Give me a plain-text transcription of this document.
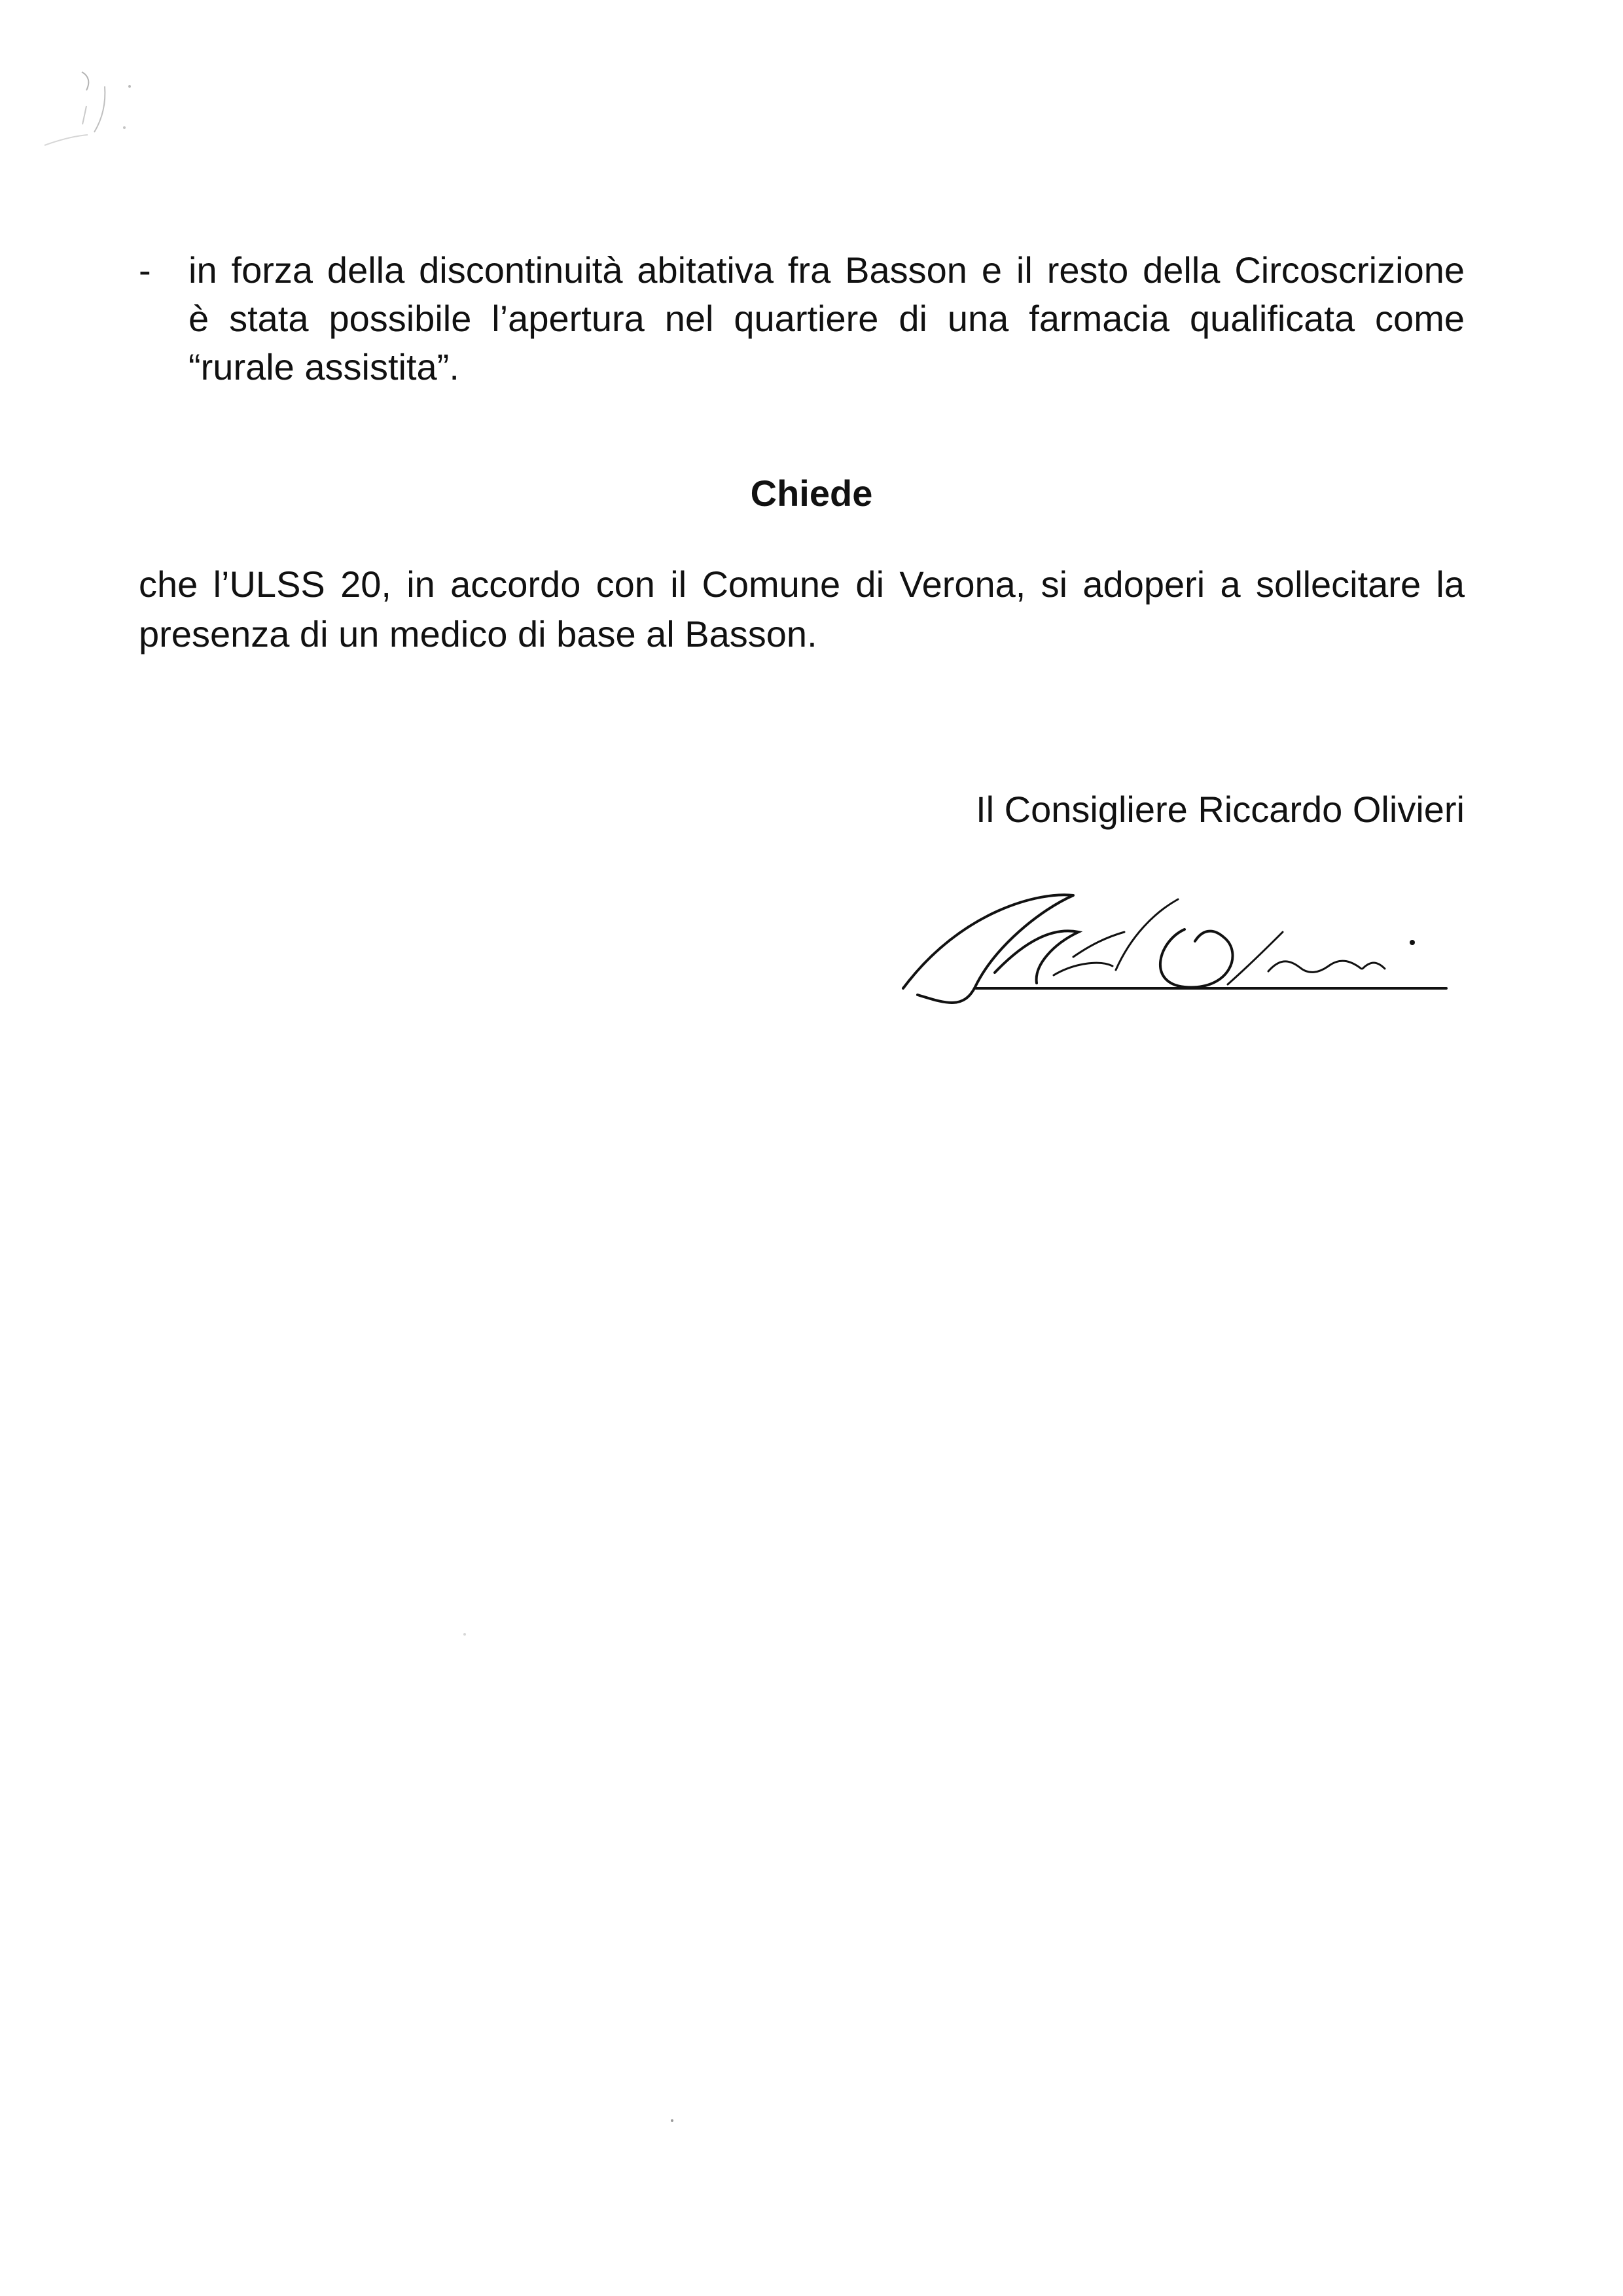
-	in forza della discontinuità abitativa fra Basson e il resto della Circoscrizione
è stata possibile l’apertura nel quartiere di una farmacia qualificata come
“rurale assistita”.
Chiede
che l’ULSS 20, in accordo con il Comune di Verona, si adoperi a sollecitare la
presenza di un medico di base al Basson.
Il Consigliere Riccardo Olivieri
